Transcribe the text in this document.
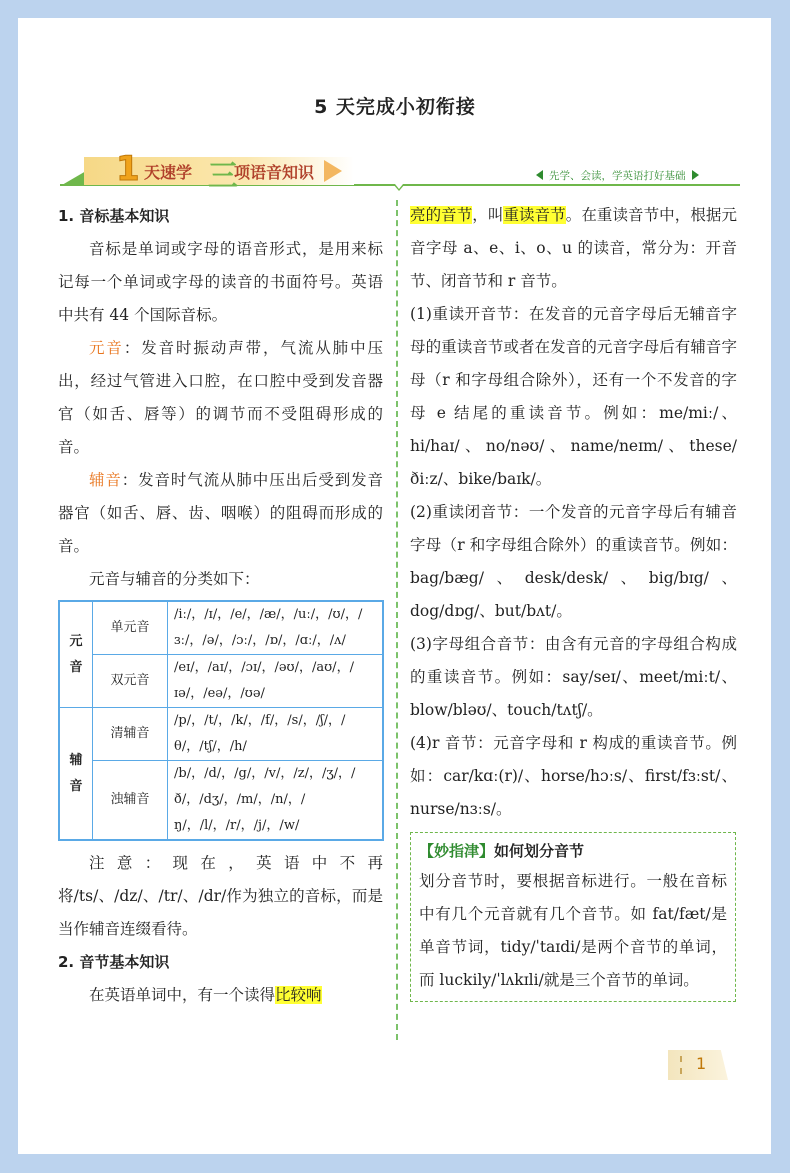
5 天完成小初衔接
1 天速学 三
项语音知识	先学、会读，学英语打好基础

1. 音标基本知识

音标是单词或字母的语音形式，是用来标记每一个单词或字母的读音的书面符号。英语中共有 44 个国际音标。

元音：发音时振动声带，气流从肺中压出，经过气管进入口腔，在口腔中受到发音器官（如舌、唇等）的调节而不受阻碍形成的音。

辅音：发音时气流从肺中压出后受到发音器官（如舌、唇、齿、咽喉）的阻碍而形成的音。

元音与辅音的分类如下：

元音	单元音	/iː/，/ɪ/，/e/，/æ/，/uː/，/ʊ/，/ɜː/，/ə/，/ɔː/，/ɒ/，/ɑː/，/ʌ/
	双元音	/eɪ/，/aɪ/，/ɔɪ/，/əʊ/，/aʊ/，/ɪə/，/eə/，/ʊə/
辅音	清辅音	/p/，/t/，/k/，/f/，/s/，/ʃ/，/θ/，/tʃ/，/h/
	浊辅音	/b/，/d/，/g/，/v/，/z/，/ʒ/，/ð/，/dʒ/，/m/，/n/，/ŋ/，/l/，/r/，/j/，/w/

注意：现在，英语中不再将/ts/、/dz/、/tr/、/dr/作为独立的音标，而是当作辅音连缀看待。

2. 音节基本知识

在英语单词中，有一个读得比较响

亮的音节，叫重读音节。在重读音节中，根据元音字母 a、e、i、o、u 的读音，常分为：开音节、闭音节和 r 音节。

(1)重读开音节：在发音的元音字母后无辅音字母的重读音节或者在发音的元音字母后有辅音字母（r 和字母组合除外），还有一个不发音的字母 e 结尾的重读音节。例如：me/miː/、hi/haɪ/、no/nəʊ/、name/neɪm/、these/ðiːz/、bike/baɪk/。

(2)重读闭音节：一个发音的元音字母后有辅音字母（r 和字母组合除外）的重读音节。例如：bag/bæg/、desk/desk/、big/bɪg/、dog/dɒg/、but/bʌt/。

(3)字母组合音节：由含有元音的字母组合构成的重读音节。例如：say/seɪ/、meet/miːt/、blow/bləʊ/、touch/tʌtʃ/。

(4)r 音节：元音字母和 r 构成的重读音节。例如：car/kɑː(r)/、horse/hɔːs/、first/fɜːst/、nurse/nɜːs/。

【妙指津】如何划分音节

划分音节时，要根据音标进行。一般在音标中有几个元音就有几个音节。如 fat/fæt/是单音节词，tidy/ˈtaɪdi/是两个音节的单词，而 luckily/ˈlʌkɪli/就是三个音节的单词。

1
